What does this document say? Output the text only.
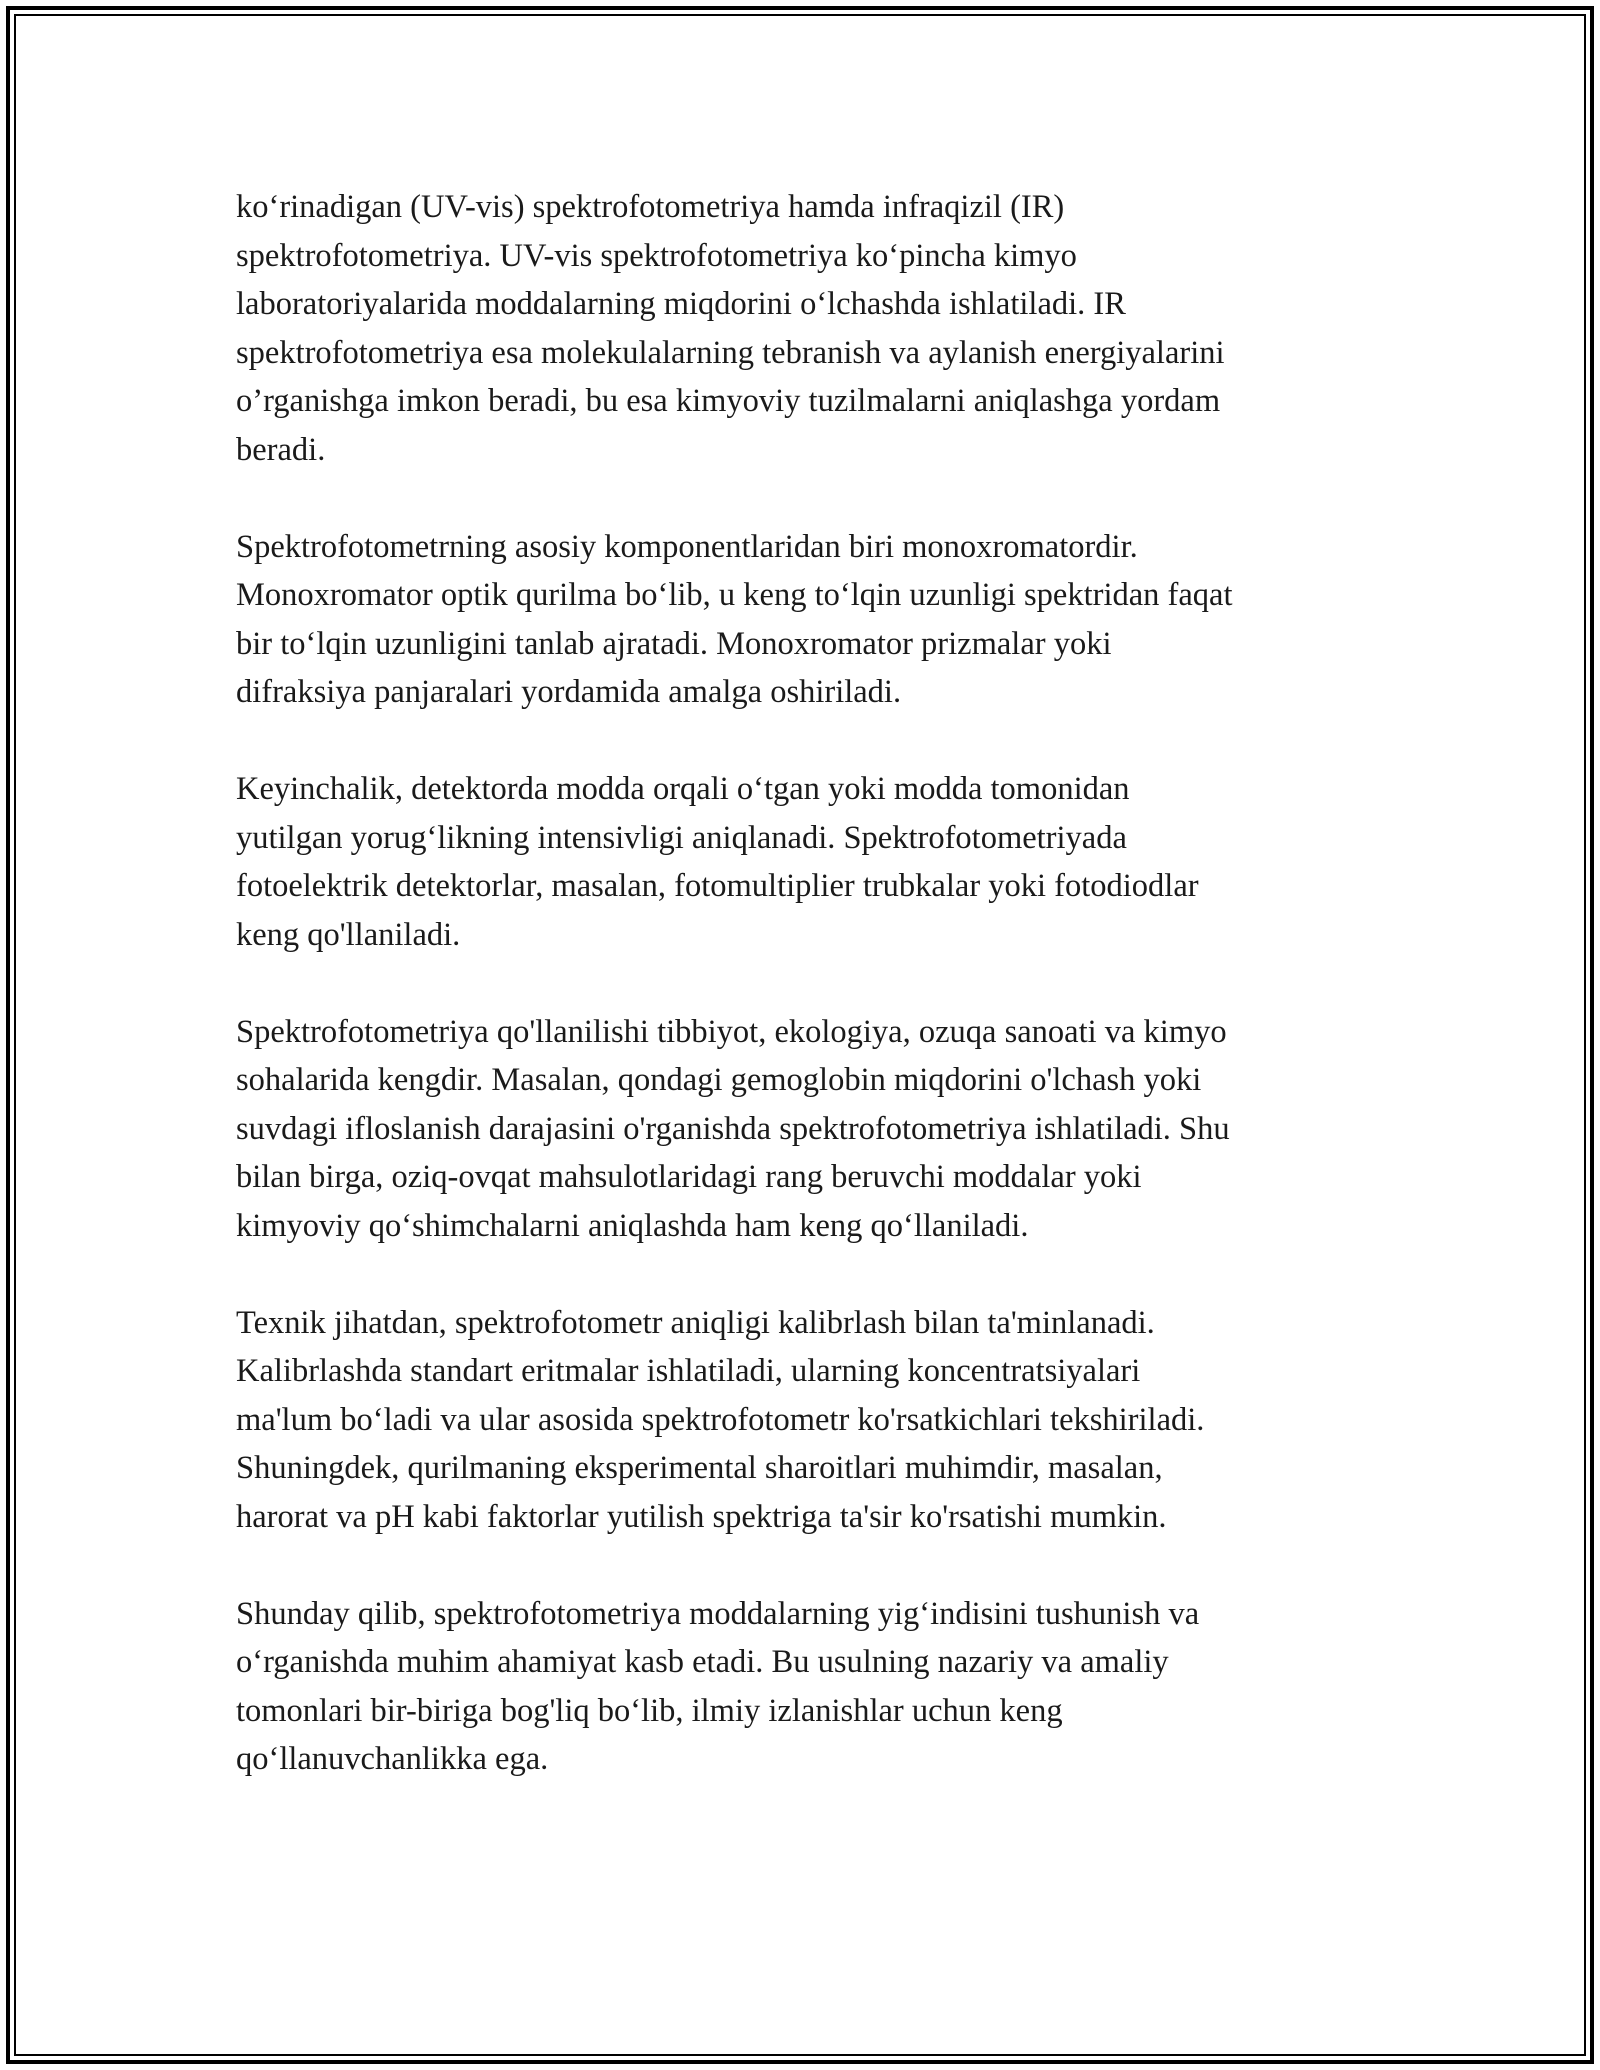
ko‘rinadigan (UV-vis) spektrofotometriya hamda infraqizil (IR)
spektrofotometriya. UV-vis spektrofotometriya ko‘pincha kimyo
laboratoriyalarida moddalarning miqdorini o‘lchashda ishlatiladi. IR
spektrofotometriya esa molekulalarning tebranish va aylanish energiyalarini
o’rganishga imkon beradi, bu esa kimyoviy tuzilmalarni aniqlashga yordam
beradi.
Spektrofotometrning asosiy komponentlaridan biri monoxromatordir.
Monoxromator optik qurilma bo‘lib, u keng to‘lqin uzunligi spektridan faqat
bir to‘lqin uzunligini tanlab ajratadi. Monoxromator prizmalar yoki
difraksiya panjaralari yordamida amalga oshiriladi.
Keyinchalik, detektorda modda orqali o‘tgan yoki modda tomonidan
yutilgan yorug‘likning intensivligi aniqlanadi. Spektrofotometriyada
fotoelektrik detektorlar, masalan, fotomultiplier trubkalar yoki fotodiodlar
keng qo'llaniladi.
Spektrofotometriya qo'llanilishi tibbiyot, ekologiya, ozuqa sanoati va kimyo
sohalarida kengdir. Masalan, qondagi gemoglobin miqdorini o'lchash yoki
suvdagi ifloslanish darajasini o'rganishda spektrofotometriya ishlatiladi. Shu
bilan birga, oziq-ovqat mahsulotlaridagi rang beruvchi moddalar yoki
kimyoviy qo‘shimchalarni aniqlashda ham keng qo‘llaniladi.
Texnik jihatdan, spektrofotometr aniqligi kalibrlash bilan ta'minlanadi.
Kalibrlashda standart eritmalar ishlatiladi, ularning koncentratsiyalari
ma'lum bo‘ladi va ular asosida spektrofotometr ko'rsatkichlari tekshiriladi.
Shuningdek, qurilmaning eksperimental sharoitlari muhimdir, masalan,
harorat va pH kabi faktorlar yutilish spektriga ta'sir ko'rsatishi mumkin.
Shunday qilib, spektrofotometriya moddalarning yig‘indisini tushunish va
o‘rganishda muhim ahamiyat kasb etadi. Bu usulning nazariy va amaliy
tomonlari bir-biriga bog'liq bo‘lib, ilmiy izlanishlar uchun keng
qo‘llanuvchanlikka ega.
